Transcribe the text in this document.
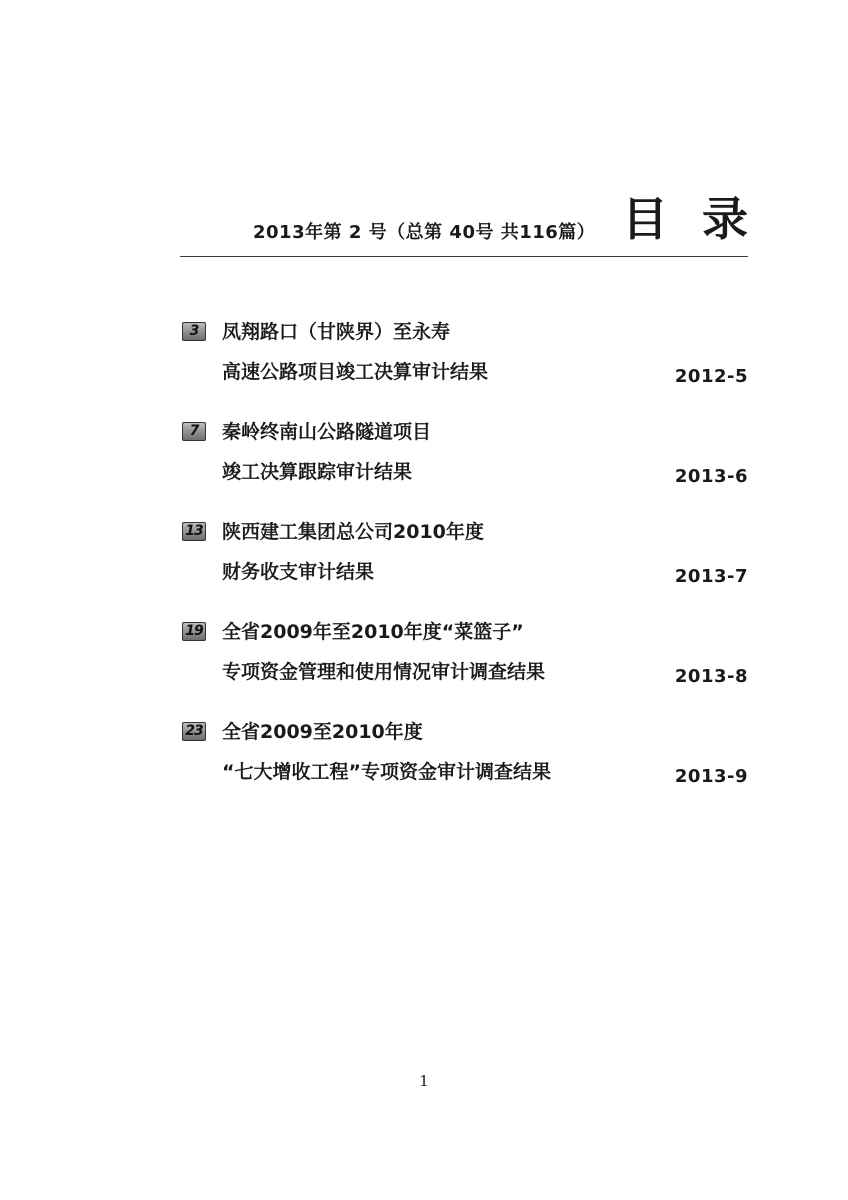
2013年第 2 号（总第 40号 共116篇） 目录
3	凤翔路口（甘陕界）至永寿
高速公路项目竣工决算审计结果	2012-5
7	秦岭终南山公路隧道项目
竣工决算跟踪审计结果	2013-6
13 陕西建工集团总公司2010年度
财务收支审计结果	2013-7
19 全省2009年至2010年度“菜篮子”
专项资金管理和使用情况审计调查结果	2013-8
23 全省2009至2010年度
“七大增收工程”专项资金审计调查结果	2013-9
1
